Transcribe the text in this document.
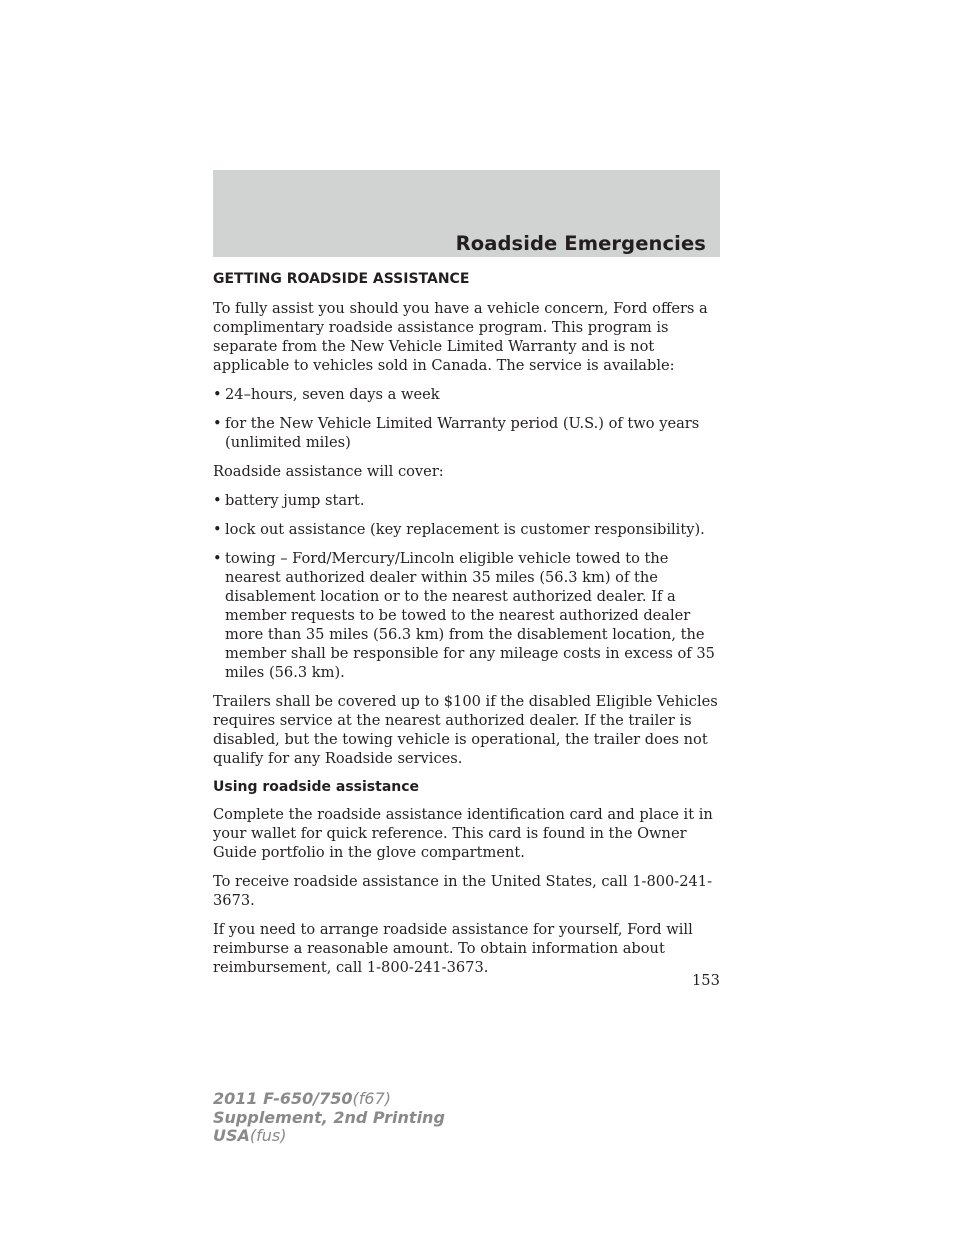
Roadside Emergencies
GETTING ROADSIDE ASSISTANCE

To fully assist you should you have a vehicle concern, Ford offers a complimentary roadside assistance program. This program is separate from the New Vehicle Limited Warranty and is not applicable to vehicles sold in Canada. The service is available:

• 24–hours, seven days a week
• for the New Vehicle Limited Warranty period (U.S.) of two years (unlimited miles)

Roadside assistance will cover:

• battery jump start.
• lock out assistance (key replacement is customer responsibility).
• towing – Ford/Mercury/Lincoln eligible vehicle towed to the nearest authorized dealer within 35 miles (56.3 km) of the disablement location or to the nearest authorized dealer. If a member requests to be towed to the nearest authorized dealer more than 35 miles (56.3 km) from the disablement location, the member shall be responsible for any mileage costs in excess of 35 miles (56.3 km).

Trailers shall be covered up to $100 if the disabled Eligible Vehicles requires service at the nearest authorized dealer. If the trailer is disabled, but the towing vehicle is operational, the trailer does not qualify for any Roadside services.

Using roadside assistance

Complete the roadside assistance identification card and place it in your wallet for quick reference. This card is found in the Owner Guide portfolio in the glove compartment.

To receive roadside assistance in the United States, call 1-800-241-3673.

If you need to arrange roadside assistance for yourself, Ford will reimburse a reasonable amount. To obtain information about reimbursement, call 1-800-241-3673.

153
2011 F-650/750(f67)
Supplement, 2nd Printing
USA(fus)
